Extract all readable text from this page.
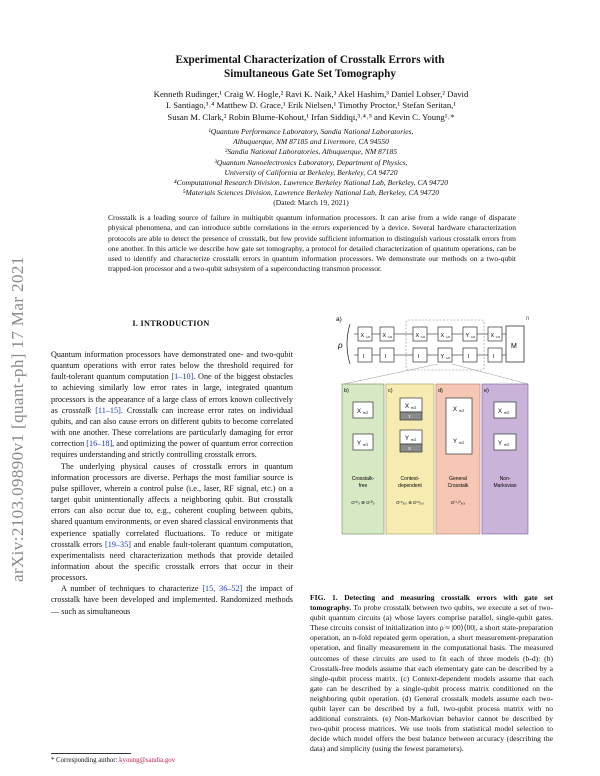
arXiv:2103.09890v1 [quant-ph] 17 Mar 2021
Experimental Characterization of Crosstalk Errors with
Simultaneous Gate Set Tomography
Kenneth Rudinger,¹ Craig W. Hogle,² Ravi K. Naik,³ Akel Hashim,³ Daniel Lobser,² David
I. Santiago,³˒⁴ Matthew D. Grace,¹ Erik Nielsen,¹ Timothy Proctor,¹ Stefan Seritan,¹
Susan M. Clark,² Robin Blume-Kohout,¹ Irfan Siddiqi,³˒⁴˒⁵ and Kevin C. Young¹˒*
¹Quantum Performance Laboratory, Sandia National Laboratories,
Albuquerque, NM 87185 and Livermore, CA 94550
²Sandia National Laboratories, Albuquerque, NM 87185
³Quantum Nanoelectronics Laboratory, Department of Physics,
University of California at Berkeley, Berkeley, CA 94720
⁴Computational Research Division, Lawrence Berkeley National Lab, Berkeley, CA 94720
⁵Materials Sciences Division, Lawrence Berkeley National Lab, Berkeley, CA 94720
(Dated: March 19, 2021)
Crosstalk is a leading source of failure in multiqubit quantum information processors. It can arise from a wide range of disparate physical phenomena, and can introduce subtle correlations in the errors experienced by a device. Several hardware characterization protocols are able to detect the presence of crosstalk, but few provide sufficient information to distinguish various crosstalk errors from one another. In this article we describe how gate set tomography, a protocol for detailed characterization of quantum operations, can be used to identify and characterize crosstalk errors in quantum information processors. We demonstrate our methods on a two-qubit trapped-ion processor and a two-qubit subsystem of a superconducting transmon processor.
I. INTRODUCTION

Quantum information processors have demonstrated one- and two-qubit quantum operations with error rates below the threshold required for fault-tolerant quantum computation [1–10]. One of the biggest obstacles to achieving similarly low error rates in large, integrated quantum processors is the appearance of a large class of errors known collectively as crosstalk [11–15]. Crosstalk can increase error rates on individual qubits, and can also cause errors on different qubits to become correlated with one another. These correlations are particularly damaging for error correction [16–18], and optimizing the power of quantum error correction requires understanding and strictly controlling crosstalk errors.

The underlying physical causes of crosstalk errors in quantum information processors are diverse. Perhaps the most familiar source is pulse spillover, wherein a control pulse (i.e., laser, RF signal, etc.) on a target qubit unintentionally affects a neighboring qubit. But crosstalk errors can also occur due to, e.g., coherent coupling between qubits, shared quantum environments, or even shared classical environments that experience spatially correlated fluctuations. To reduce or mitigate crosstalk errors [19–35] and enable fault-tolerant quantum computation, experimentalists need characterization methods that provide detailed information about the specific crosstalk errors that occur in their processors.

A number of techniques to characterize [15, 36–52] the impact of crosstalk have been developed and implemented. Randomized methods — such as simultaneous

a)	n
ρ	M
X π/2
I
X π/2
I
X π/2
I
X π/2
Y π/2
Y π/2
I
X π/2
I
b)
X π/2
Y π/2
Crosstalk-
free
G⁽¹⁾ₓ ⊗ G⁽²⁾ᵧ
c)
X π/2
Y
Y π/2
X
Context-
dependent
G⁽¹⁾ₓ,ᵧ ⊗ G⁽²⁾ᵧ,ₓ
d)
X π/2
Y π/2
General
Crosstalk
G⁽¹˒²⁾ₓ,ᵧ
e)
X π/2
Y π/2
Non-
Markovian
FIG. 1. Detecting and measuring crosstalk errors with gate set tomography. To probe crosstalk between two qubits, we execute a set of two-qubit quantum circuits (a) whose layers comprise parallel, single-qubit gates. These circuits consist of initialization into ρ ≈ |00⟩⟨00|, a short state-preparation operation, an n-fold repeated germ operation, a short measurement-preparation operation, and finally measurement in the computational basis. The measured outcomes of these circuits are used to fit each of three models (b-d): (b) Crosstalk-free models assume that each elementary gate can be described by a single-qubit process matrix. (c) Context-dependent models assume that each gate can be described by a single-qubit process matrix conditioned on the neighboring qubit operation. (d) General crosstalk models assume each two-qubit layer can be described by a full, two-qubit process matrix with no additional constraints. (e) Non-Markovian behavior cannot be described by two-qubit process matrices. We use tools from statistical model selection to decide which model offers the best balance between accuracy (describing the data) and simplicity (using the fewest parameters).
* Corresponding author: kyoung@sandia.gov
